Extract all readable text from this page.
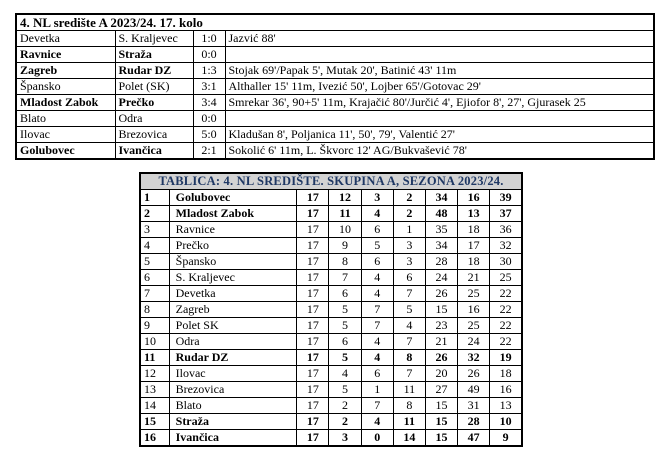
4. NL središte A 2023/24. 17. kolo			
Devetka	S. Kraljevec	1:0	Jazvić 88'
Ravnice	Straža	0:0	
Zagreb	Rudar DZ	1:3	Stojak 69'/Papak 5', Mutak 20', Batinić 43' 11m
Špansko	Polet (SK)	3:1	Althaller 15' 11m, Ivezić 50', Lojber 65'/Gotovac 29'
Mladost Zabok	Prečko	3:4	Smrekar 36', 90+5' 11m, Krajačić 80'/Jurčić 4', Ejiofor 8', 27', Gjurasek 25
Blato	Odra	0:0	
Ilovac	Brezovica	5:0	Kladušan 8', Poljanica 11', 50', 79', Valentić 27'
Golubovec	Ivančica	2:1	Sokolić 6' 11m, L. Škvorc 12' AG/Bukvašević 78'
TABLICA: 4. NL SREDIŠTE. SKUPINA A, SEZONA 2023/24.								
1	Golubovec	17	12	3	2	34	16	39
2	Mladost Zabok	17	11	4	2	48	13	37
3	Ravnice	17	10	6	1	35	18	36
4	Prečko	17	9	5	3	34	17	32
5	Špansko	17	8	6	3	28	18	30
6	S. Kraljevec	17	7	4	6	24	21	25
7	Devetka	17	6	4	7	26	25	22
8	Zagreb	17	5	7	5	15	16	22
9	Polet SK	17	5	7	4	23	25	22
10	Odra	17	6	4	7	21	24	22
11	Rudar DZ	17	5	4	8	26	32	19
12	Ilovac	17	4	6	7	20	26	18
13	Brezovica	17	5	1	11	27	49	16
14	Blato	17	2	7	8	15	31	13
15	Straža	17	2	4	11	15	28	10
16	Ivančica	17	3	0	14	15	47	9
